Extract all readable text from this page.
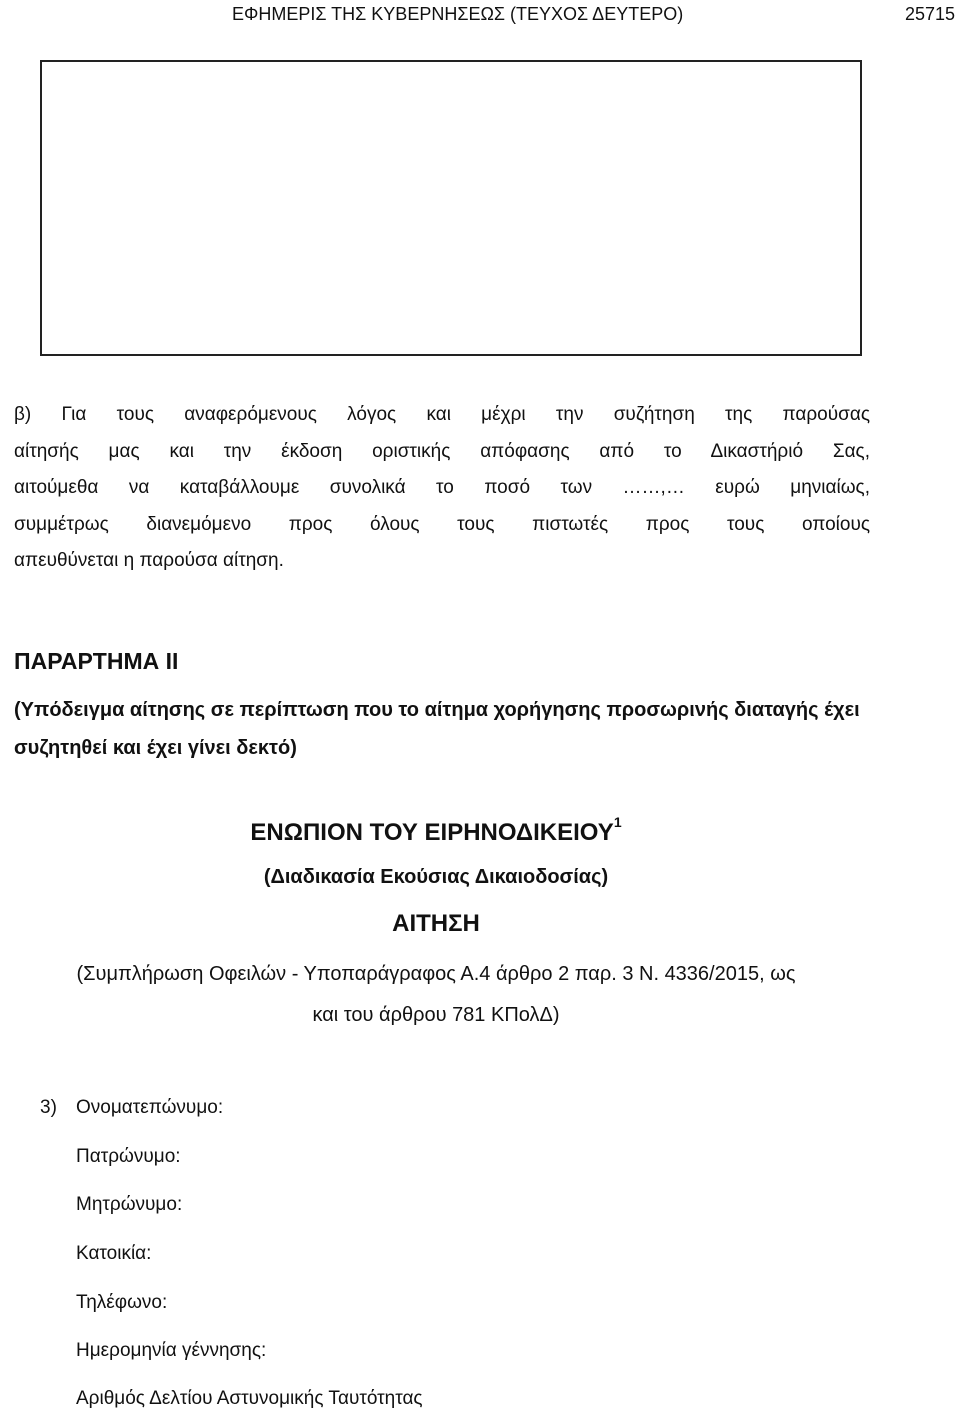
ΕΦΗΜΕΡΙΣ ΤΗΣ ΚΥΒΕΡΝΗΣΕΩΣ (ΤΕΥΧΟΣ ΔΕΥΤΕΡΟ)	25715
β) Για τους αναφερόμενους λόγος και μέχρι την συζήτηση της παρούσας
αίτησής μας και την έκδοση οριστικής απόφασης από το Δικαστήριό Σας,
αιτούμεθα να καταβάλλουμε συνολικά το ποσό των ……,… ευρώ μηνιαίως,
συμμέτρως διανεμόμενο προς όλους τους πιστωτές προς τους οποίους
απευθύνεται η παρούσα αίτηση.
ΠΑΡΑΡΤΗΜΑ ΙΙ
(Υπόδειγμα αίτησης σε περίπτωση που το αίτημα χορήγησης προσωρινής διαταγής έχει συζητηθεί και έχει γίνει δεκτό)
ΕΝΩΠΙΟΝ ΤΟΥ ΕΙΡΗΝΟΔΙΚΕΙΟΥ$^1$
(Διαδικασία Εκούσιας Δικαιοδοσίας)
ΑΙΤΗΣΗ
(Συμπλήρωση Οφειλών - Υποπαράγραφος Α.4 άρθρο 2 παρ. 3 Ν. 4336/2015, ως
και του άρθρου 781 ΚΠολΔ)
3) Ονοματεπώνυμο:
Πατρώνυμο:
Μητρώνυμο:
Κατοικία:
Τηλέφωνο:
Ημερομηνία γέννησης:
Αριθμός Δελτίου Αστυνομικής Ταυτότητας
